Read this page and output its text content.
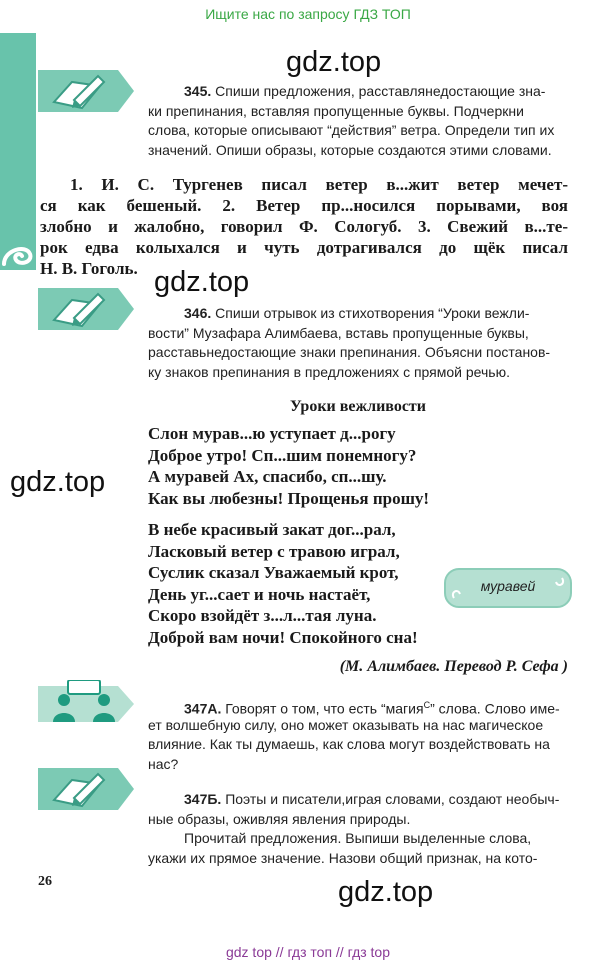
Ищите нас по запросу ГДЗ ТОП
gdz.top
gdz.top
gdz.top
gdz.top
345. Спиши предложения, расставлянедостающие зна-
ки препинания, вставляя пропущенные буквы. Подчеркни
слова, которые описывают “действия” ветра. Определи тип их
значений. Опиши образы, которые создаются этими словами.
1. И. С. Тургенев писал ветер в...жит ветер мечет-
ся как бешеный. 2. Ветер пр...носился порывами, воя
злобно и жалобно, говорил Ф. Сологуб. 3. Свежий в...те-
рок едва колыхался и чуть дотрагивался до щёк писал
Н. В. Гоголь.
346. Спиши отрывок из стихотворения “Уроки вежли-
вости” Музафара Алимбаева, вставь пропущенные буквы,
расставьнедостающие знаки препинания. Объясни постанов-
ку знаков препинания в предложениях с прямой речью.
Уроки вежливости
Слон мурав...ю уступает д...рогу
Доброе утро! Сп...шим понемногу?
А муравей Ах, спасибо, сп...шу.
Как вы любезны! Прощенья прошу!
В небе красивый закат дог...рал,
Ласковый ветер с травою играл,
Суслик сказал Уважаемый крот,
День уг...сает и ночь настаёт,
Скоро взойдёт з...л...тая луна.
Доброй вам ночи! Спокойного сна!
муравей
(М. Алимбаев. Перевод Р. Сефа )
347А. Говорят о том, что есть “магия$^C$” слова. Слово име-
ет волшебную силу, оно может оказывать на нас магическое
влияние. Как ты думаешь, как слова могут воздействовать на
нас?
347Б. Поэты и писатели,играя словами, создают необыч-
ные образы, оживляя явления природы.
Прочитай предложения. Выпиши выделенные слова,
укажи их прямое значение. Назови общий признак, на кото-
26
gdz top // гдз топ // гдз top
